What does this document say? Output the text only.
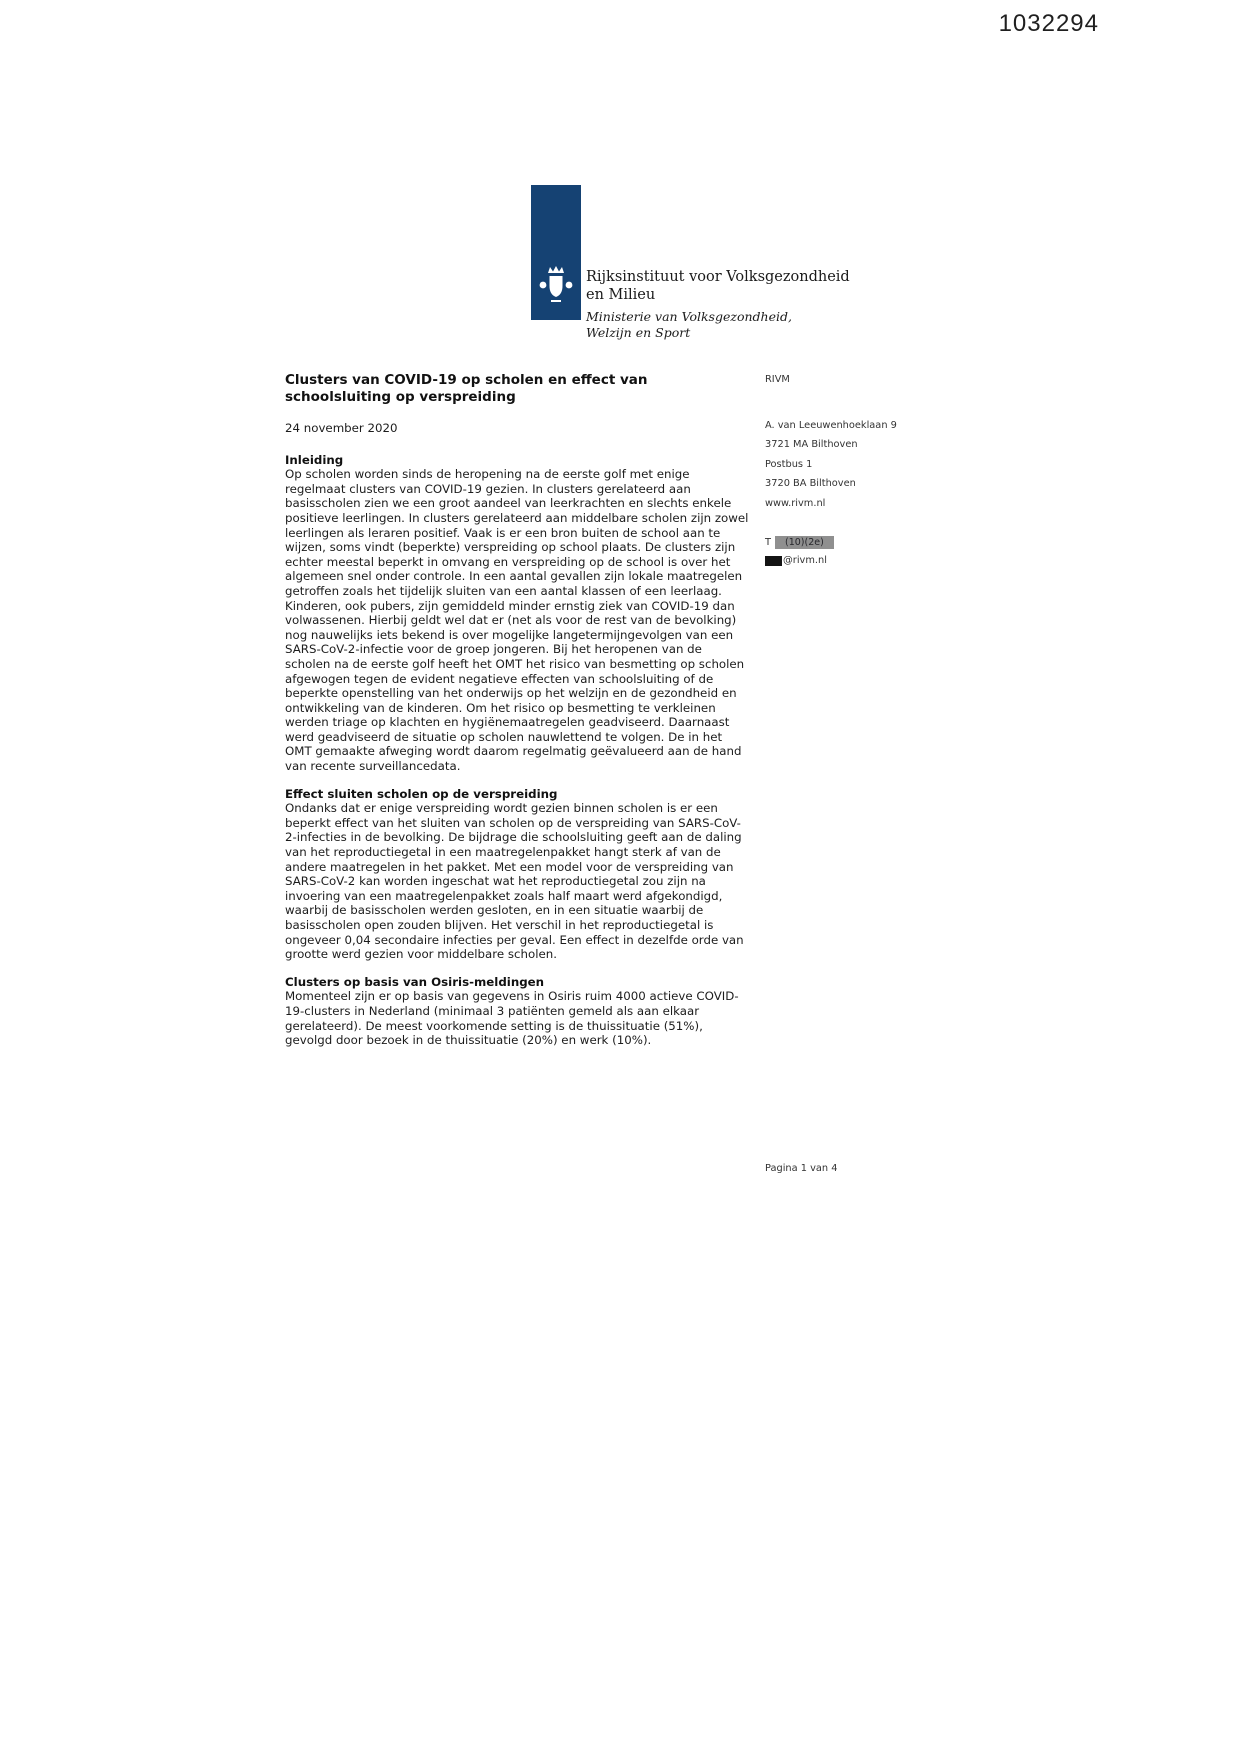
1032294
Rijksinstituut voor Volksgezondheid
en Milieu
Ministerie van Volksgezondheid,
Welzijn en Sport
Clusters van COVID-19 op scholen en effect van schoolsluiting op verspreiding
24 november 2020
Inleiding

Op scholen worden sinds de heropening na de eerste golf met enige regelmaat clusters van COVID-19 gezien. In clusters gerelateerd aan basisscholen zien we een groot aandeel van leerkrachten en slechts enkele positieve leerlingen. In clusters gerelateerd aan middelbare scholen zijn zowel leerlingen als leraren positief. Vaak is er een bron buiten de school aan te wijzen, soms vindt (beperkte) verspreiding op school plaats. De clusters zijn echter meestal beperkt in omvang en verspreiding op de school is over het algemeen snel onder controle. In een aantal gevallen zijn lokale maatregelen getroffen zoals het tijdelijk sluiten van een aantal klassen of een leerlaag.

Kinderen, ook pubers, zijn gemiddeld minder ernstig ziek van COVID-19 dan volwassenen. Hierbij geldt wel dat er (net als voor de rest van de bevolking) nog nauwelijks iets bekend is over mogelijke langetermijngevolgen van een SARS-CoV-2-infectie voor de groep jongeren. Bij het heropenen van de scholen na de eerste golf heeft het OMT het risico van besmetting op scholen afgewogen tegen de evident negatieve effecten van schoolsluiting of de beperkte openstelling van het onderwijs op het welzijn en de gezondheid en ontwikkeling van de kinderen. Om het risico op besmetting te verkleinen werden triage op klachten en hygiënemaatregelen geadviseerd. Daarnaast werd geadviseerd de situatie op scholen nauwlettend te volgen. De in het OMT gemaakte afweging wordt daarom regelmatig geëvalueerd aan de hand van recente surveillancedata.

Effect sluiten scholen op de verspreiding

Ondanks dat er enige verspreiding wordt gezien binnen scholen is er een beperkt effect van het sluiten van scholen op de verspreiding van SARS-CoV-2-infecties in de bevolking. De bijdrage die schoolsluiting geeft aan de daling van het reproductiegetal in een maatregelenpakket hangt sterk af van de andere maatregelen in het pakket. Met een model voor de verspreiding van SARS-CoV-2 kan worden ingeschat wat het reproductiegetal zou zijn na invoering van een maatregelenpakket zoals half maart werd afgekondigd, waarbij de basisscholen werden gesloten, en in een situatie waarbij de basisscholen open zouden blijven. Het verschil in het reproductiegetal is ongeveer 0,04 secondaire infecties per geval. Een effect in dezelfde orde van grootte werd gezien voor middelbare scholen.

Clusters op basis van Osiris-meldingen

Momenteel zijn er op basis van gegevens in Osiris ruim 4000 actieve COVID-19-clusters in Nederland (minimaal 3 patiënten gemeld als aan elkaar gerelateerd). De meest voorkomende setting is de thuissituatie (51%), gevolgd door bezoek in de thuissituatie (20%) en werk (10%).

RIVM
A. van Leeuwenhoeklaan 9
3721 MA Bilthoven
Postbus 1
3720 BA Bilthoven
www.rivm.nl
T	(10)(2e)
@rivm.nl
Pagina 1 van 4
